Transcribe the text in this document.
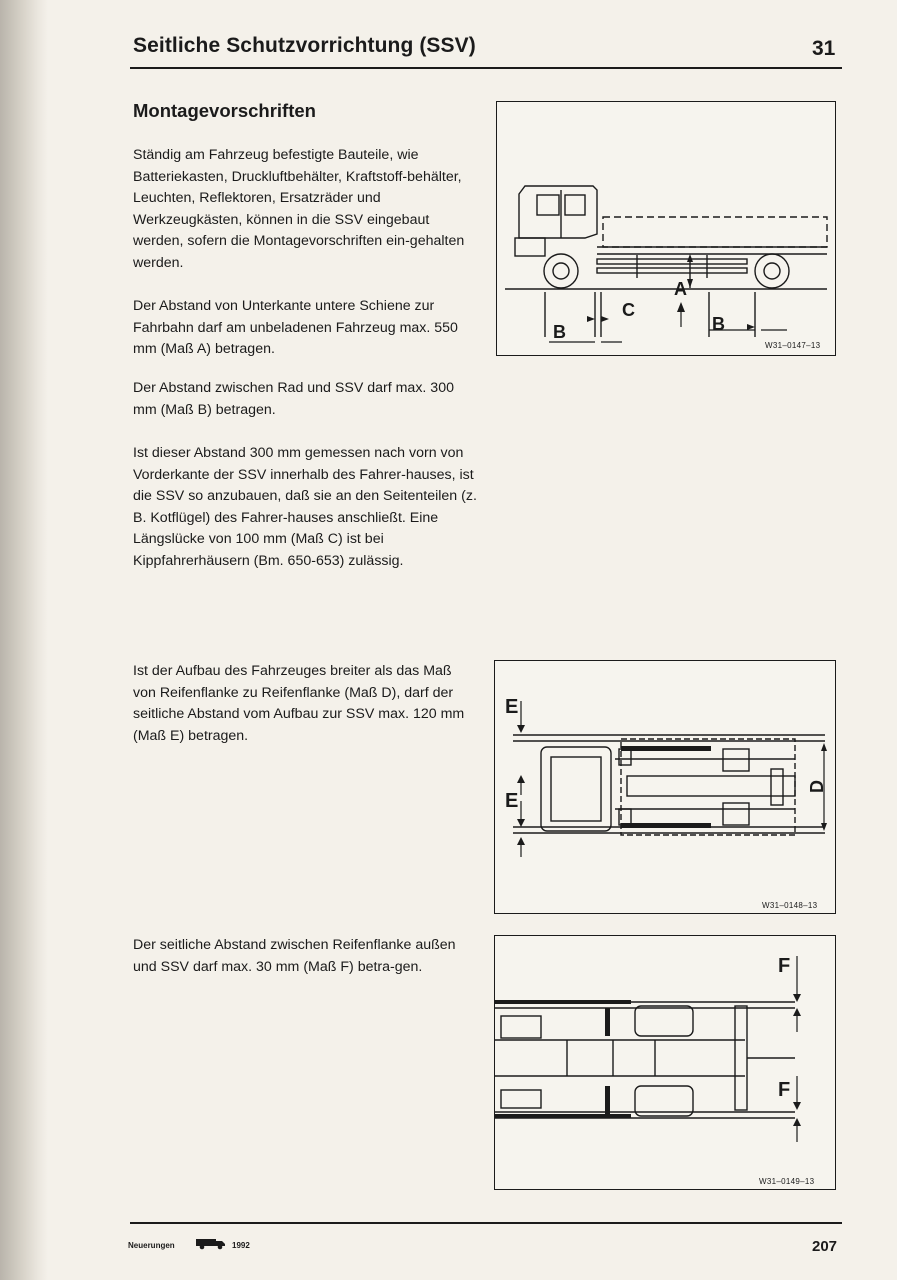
Seitliche Schutzvorrichtung (SSV)	31
Montagevorschriften
Ständig am Fahrzeug befestigte Bauteile, wie Batteriekasten, Druckluftbehälter, Kraftstoff-behälter, Leuchten, Reflektoren, Ersatzräder und Werkzeugkästen, können in die SSV eingebaut werden, sofern die Montagevorschriften ein-gehalten werden.
Der Abstand von Unterkante untere Schiene zur Fahrbahn darf am unbeladenen Fahrzeug max. 550 mm (Maß A) betragen.
Der Abstand zwischen Rad und SSV darf max. 300 mm (Maß B) betragen.
Ist dieser Abstand 300 mm gemessen nach vorn von Vorderkante der SSV innerhalb des Fahrer-hauses, ist die SSV so anzubauen, daß sie an den Seitenteilen (z. B. Kotflügel) des Fahrer-hauses anschließt. Eine Längslücke von 100 mm (Maß C) ist bei Kippfahrerhäusern (Bm. 650-653) zulässig.
Ist der Aufbau des Fahrzeuges breiter als das Maß von Reifenflanke zu Reifenflanke (Maß D), darf der seitliche Abstand vom Aufbau zur SSV max. 120 mm (Maß E) betragen.
Der seitliche Abstand zwischen Reifenflanke außen und SSV darf max. 30 mm (Maß F) betra-gen.
A
B	B
C
W31–0147–13
E
E
D
W31–0148–13
F
F
W31–0149–13
Neuerungen	1992	207
